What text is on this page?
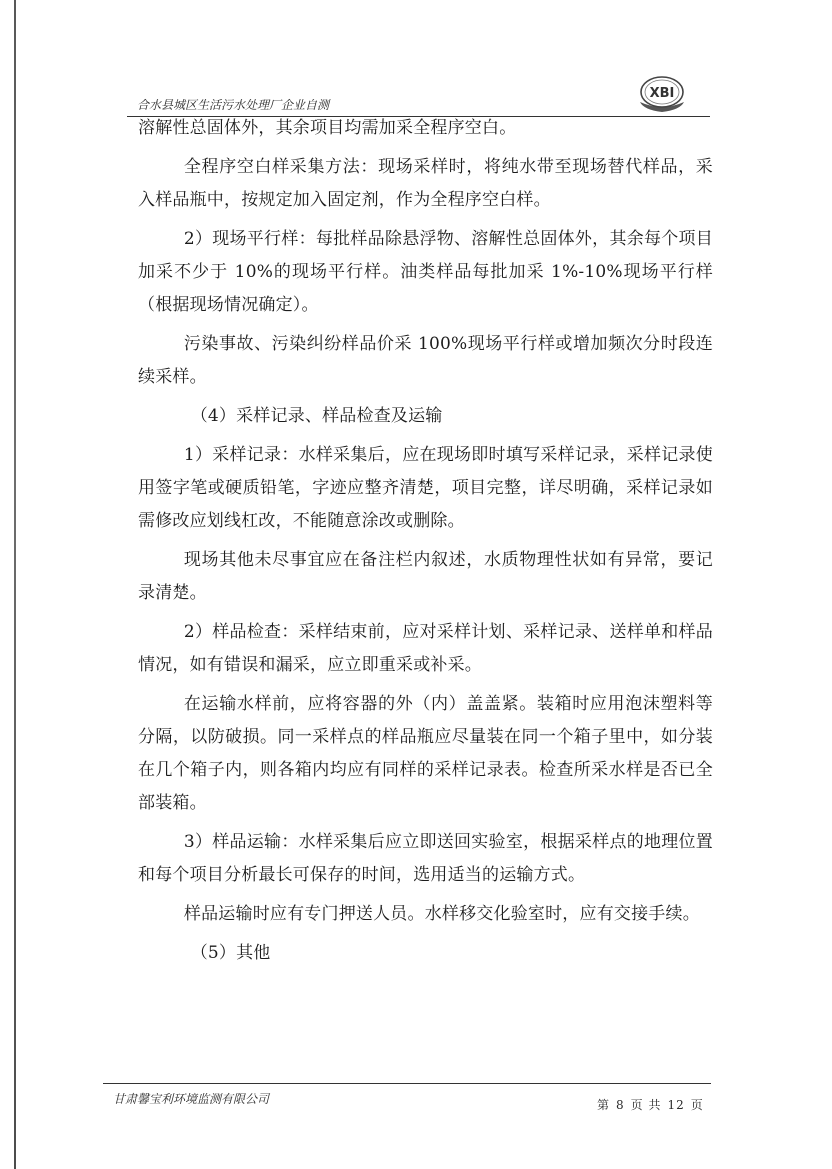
合水县城区生活污水处理厂企业自测
XBI

溶解性总固体外，其余项目均需加采全程序空白。

全程序空白样采集方法：现场采样时，将纯水带至现场替代样品，采入样品瓶中，按规定加入固定剂，作为全程序空白样。

2）现场平行样：每批样品除悬浮物、溶解性总固体外，其余每个项目加采不少于 10%的现场平行样。油类样品每批加采 1%-10%现场平行样（根据现场情况确定）。

污染事故、污染纠纷样品价采 100%现场平行样或增加频次分时段连续采样。

（4）采样记录、样品检查及运输

1）采样记录：水样采集后，应在现场即时填写采样记录，采样记录使用签字笔或硬质铅笔，字迹应整齐清楚，项目完整，详尽明确，采样记录如需修改应划线杠改，不能随意涂改或删除。

现场其他未尽事宜应在备注栏内叙述，水质物理性状如有异常，要记录清楚。

2）样品检查：采样结束前，应对采样计划、采样记录、送样单和样品情况，如有错误和漏采，应立即重采或补采。

在运输水样前，应将容器的外（内）盖盖紧。装箱时应用泡沫塑料等分隔，以防破损。同一采样点的样品瓶应尽量装在同一个箱子里中，如分装在几个箱子内，则各箱内均应有同样的采样记录表。检查所采水样是否已全部装箱。

3）样品运输：水样采集后应立即送回实验室，根据采样点的地理位置和每个项目分析最长可保存的时间，选用适当的运输方式。

样品运输时应有专门押送人员。水样移交化验室时，应有交接手续。

（5）其他

甘肃馨宝利环境监测有限公司	第 8 页 共 12 页
